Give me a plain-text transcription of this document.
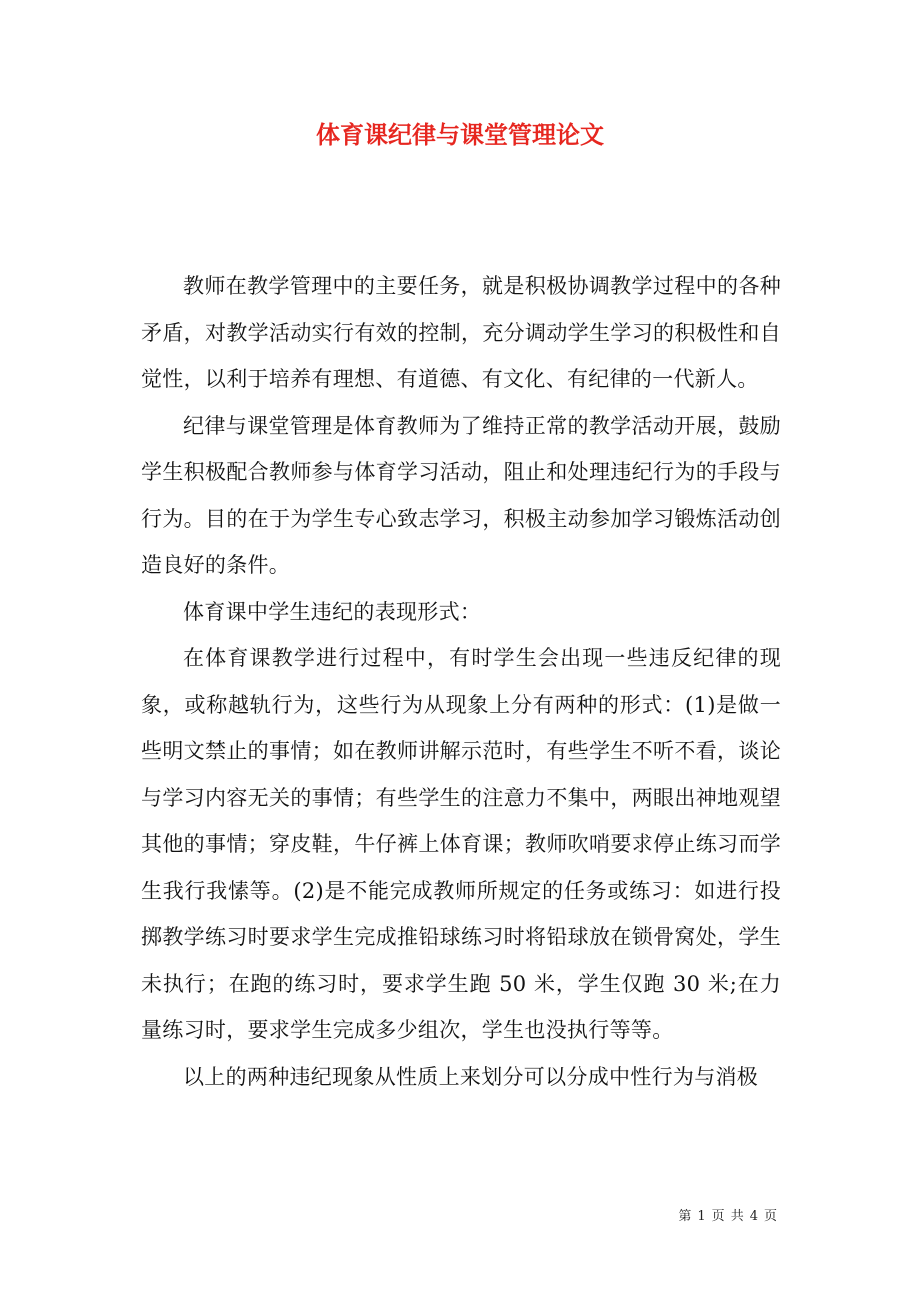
体育课纪律与课堂管理论文

教师在教学管理中的主要任务，就是积极协调教学过程中的各种矛盾，对教学活动实行有效的控制，充分调动学生学习的积极性和自觉性，以利于培养有理想、有道德、有文化、有纪律的一代新人。

纪律与课堂管理是体育教师为了维持正常的教学活动开展，鼓励学生积极配合教师参与体育学习活动，阻止和处理违纪行为的手段与行为。目的在于为学生专心致志学习，积极主动参加学习锻炼活动创造良好的条件。

体育课中学生违纪的表现形式：

在体育课教学进行过程中，有时学生会出现一些违反纪律的现象，或称越轨行为，这些行为从现象上分有两种的形式：(1)是做一些明文禁止的事情；如在教师讲解示范时，有些学生不听不看，谈论与学习内容无关的事情；有些学生的注意力不集中，两眼出神地观望其他的事情；穿皮鞋，牛仔裤上体育课；教师吹哨要求停止练习而学生我行我愫等。(2)是不能完成教师所规定的任务或练习：如进行投掷教学练习时要求学生完成推铅球练习时将铅球放在锁骨窝处，学生未执行；在跑的练习时，要求学生跑 50 米，学生仅跑 30 米;在力量练习时，要求学生完成多少组次，学生也没执行等等。

以上的两种违纪现象从性质上来划分可以分成中性行为与消极

第 1 页 共 4 页
